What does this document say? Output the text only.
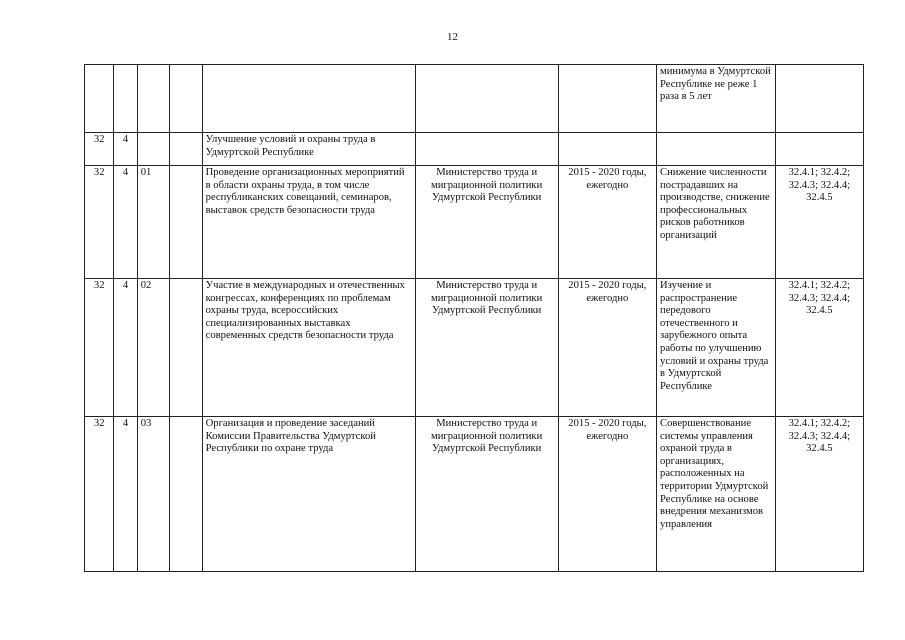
12
							минимума в Удмуртской Республике не реже 1 раза в 5 лет	
32	4			Улучшение условий и охраны труда в Удмуртской Республике				
32	4	01		Проведение организационных мероприятий в области охраны труда, в том числе республиканских совещаний, семинаров, выставок средств безопасности труда	Министерство труда и миграционной политики Удмуртской Республики	2015 - 2020 годы, ежегодно	Снижение численности пострадавших на производстве, снижение профессиональных рисков работников организаций	32.4.1; 32.4.2; 32.4.3; 32.4.4; 32.4.5
32	4	02		Участие в международных и отечественных конгрессах, конференциях по проблемам охраны труда, всероссийских специализированных выставках современных средств безопасности труда	Министерство труда и миграционной политики Удмуртской Республики	2015 - 2020 годы, ежегодно	Изучение и распространение передового отечественного и зарубежного опыта работы по улучшению условий и охраны труда в Удмуртской Республике	32.4.1; 32.4.2; 32.4.3; 32.4.4; 32.4.5
32	4	03		Организация и проведение заседаний Комиссии Правительства Удмуртской Республики по охране труда	Министерство труда и миграционной политики Удмуртской Республики	2015 - 2020 годы, ежегодно	Совершенствование системы управления охраной труда в организациях, расположенных на территории Удмуртской Республике на основе внедрения механизмов управления	32.4.1; 32.4.2; 32.4.3; 32.4.4; 32.4.5
